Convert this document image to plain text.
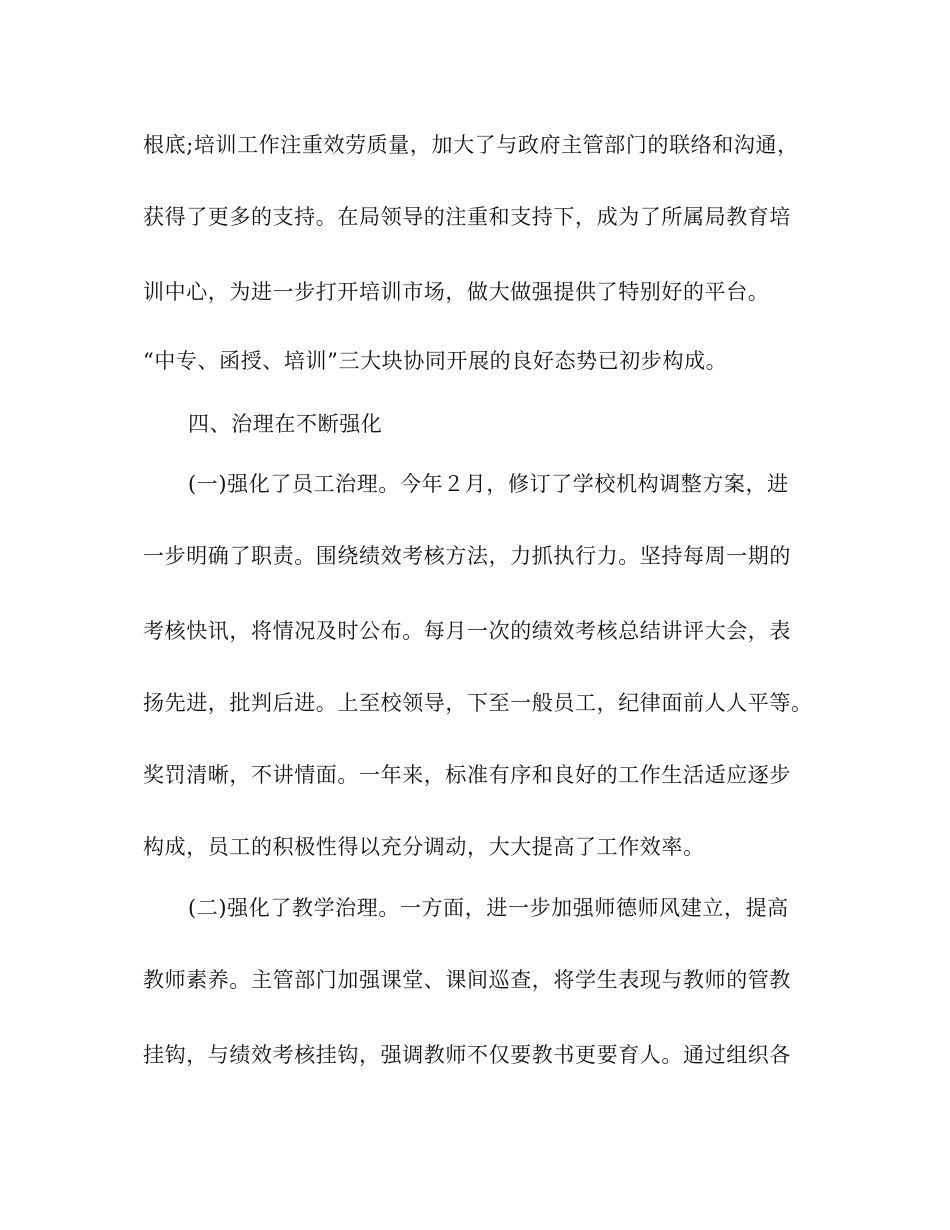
根底;培训工作注重效劳质量，加大了与政府主管部门的联络和沟通，
获得了更多的支持。在局领导的注重和支持下，成为了所属局教育培
训中心，为进一步打开培训市场，做大做强提供了特别好的平台。
“中专、函授、培训”三大块协同开展的良好态势已初步构成。
四、治理在不断强化
(一)强化了员工治理。今年２月，修订了学校机构调整方案，进
一步明确了职责。围绕绩效考核方法，力抓执行力。坚持每周一期的
考核快讯，将情况及时公布。每月一次的绩效考核总结讲评大会，表
扬先进，批判后进。上至校领导，下至一般员工，纪律面前人人平等。
奖罚清晰，不讲情面。一年来，标准有序和良好的工作生活适应逐步
构成，员工的积极性得以充分调动，大大提高了工作效率。
(二)强化了教学治理。一方面，进一步加强师德师风建立，提高
教师素养。主管部门加强课堂、课间巡查，将学生表现与教师的管教
挂钩，与绩效考核挂钩，强调教师不仅要教书更要育人。通过组织各
